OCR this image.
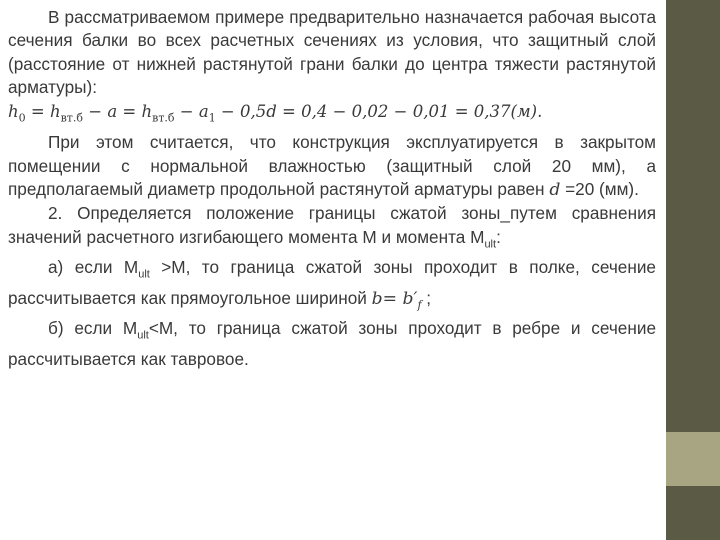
В рассматриваемом примере предварительно назначается рабочая высота сечения балки во всех расчетных сечениях из условия, что защитный слой (расстояние от нижней растянутой грани балки до центра тяжести растянутой арматуры):

$h_0 = h_{вт.б} - a = h_{вт.б} - a_1 - 0,5d = 0,4 - 0,02 - 0,01 = 0,37(м)$.

При этом считается, что конструкция эксплуатируется в закрытом помещении с нормальной влажностью (защитный слой 20 мм), а предполагаемый диаметр продольной растянутой арматуры равен d =20 (мм).

2. Определяется положение границы сжатой зоны_путем сравнения значений расчетного изгибающего момента М и момента $М_{ult}$:

а) если $М_{ult} >М$, то граница сжатой зоны проходит в полке, сечение рассчитывается как прямоугольное шириной $b= b'_f$ ;

б) если $М_{ult}<М$, то граница сжатой зоны проходит в ребре и сечение рассчитывается как тавровое.
